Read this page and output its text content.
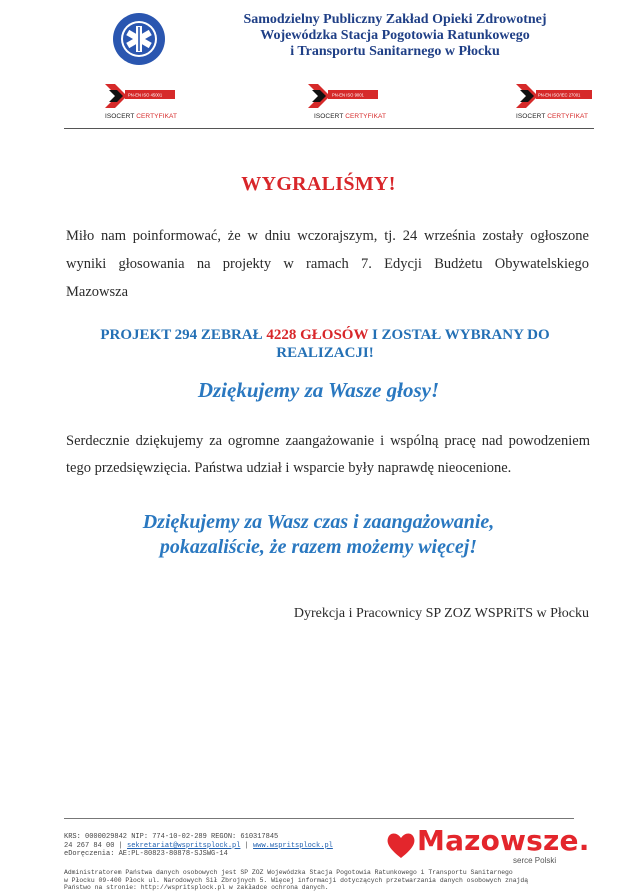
Samodzielny Publiczny Zakład Opieki Zdrowotnej
Wojewódzka Stacja Pogotowia Ratunkowego
i Transportu Sanitarnego w Płocku
PN-EN ISO 45001
ISOCERT CERTYFIKAT
PN-EN ISO 9001
ISOCERT CERTYFIKAT
PN-EN ISO/IEC 27001
ISOCERT CERTYFIKAT
WYGRALIŚMY!
Miło nam poinformować, że w dniu wczorajszym, tj. 24 września zostały ogłoszone
wyniki głosowania na projekty w ramach 7. Edycji Budżetu Obywatelskiego
Mazowsza
PROJEKT 294 ZEBRAŁ 4228 GŁOSÓW I ZOSTAŁ WYBRANY DO
REALIZACJI!
Dziękujemy za Wasze głosy!
Serdecznie dziękujemy za ogromne zaangażowanie i wspólną pracę nad powodzeniem
tego przedsięwzięcia. Państwa udział i wsparcie były naprawdę nieocenione.
Dziękujemy za Wasz czas i zaangażowanie,
pokazaliście, że razem możemy więcej!
Dyrekcja i Pracownicy SP ZOZ WSPRiTS w Płocku
KRS: 0000029842 NIP: 774-10-02-289 REGON: 610317845
24 267 84 00 | sekretariat@wspritsplock.pl | www.wspritsplock.pl
eDoręczenia: AE:PL-80823-80878-SJSWG-14	Mazowsze.
serce Polski
Administratorem Państwa danych osobowych jest SP ZOZ Wojewódzka Stacja Pogotowia Ratunkowego i Transportu Sanitarnego
w Płocku 09-400 Płock ul. Narodowych Sił Zbrojnych 5. Więcej informacji dotyczących przetwarzania danych osobowych znajdą
Państwo na stronie: http://wspritsplock.pl w zakładce ochrona danych.
